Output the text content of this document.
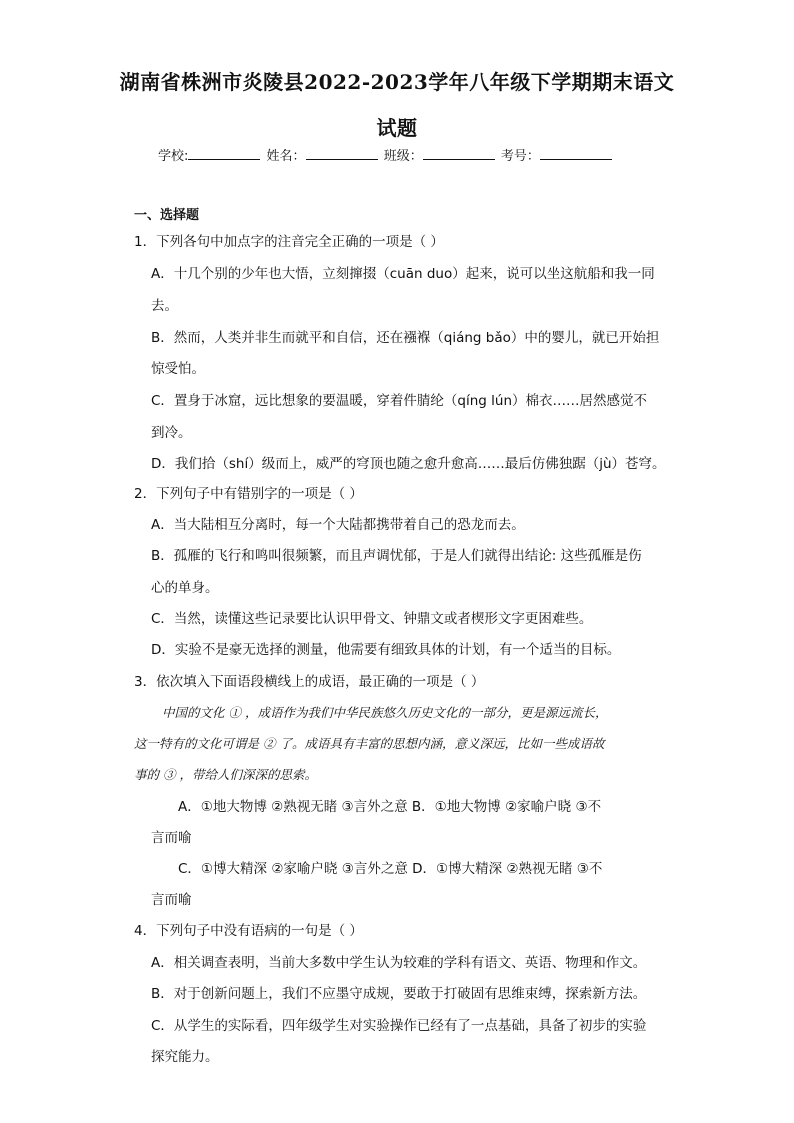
湖南省株洲市炎陵县2022-2023学年八年级下学期期末语文
试题
学校:	姓名：	班级：	考号：
一、选择题
1．下列各句中加点字的注音完全正确的一项是（ ）
A．十几个别的少年也大悟，立刻撺掇（cuān duo）起来，说可以坐这航船和我一同
去。
B．然而，人类并非生而就平和自信，还在襁褓（qiáng bǎo）中的婴儿，就已开始担
惊受怕。
C．置身于冰窟，远比想象的要温暖，穿着件腈纶（qíng lún）棉衣……居然感觉不
到冷。
D．我们拾（shí）级而上，威严的穹顶也随之愈升愈高……最后仿佛独踞（jù）苍穹。
2．下列句子中有错别字的一项是（ ）
A．当大陆相互分离时，每一个大陆都携带着自己的恐龙而去。
B．孤雁的飞行和鸣叫很频繁，而且声调忧郁，于是人们就得出结论: 这些孤雁是伤
心的单身。
C．当然，读懂这些记录要比认识甲骨文、钟鼎文或者楔形文字更困难些。
D．实验不是豪无选择的测量，他需要有细致具体的计划，有一个适当的目标。
3．依次填入下面语段横线上的成语，最正确的一项是（ ）
中国的文化 ① ，成语作为我们中华民族悠久历史文化的一部分，更是源远流长，
这一特有的文化可谓是 ② 了。成语具有丰富的思想内涵，意义深远，比如一些成语故
事的 ③ ，带给人们深深的思索。
A．①地大物博 ②熟视无睹 ③言外之意 B．①地大物博 ②家喻户晓 ③不
言而喻
C．①博大精深 ②家喻户晓 ③言外之意 D．①博大精深 ②熟视无睹 ③不
言而喻
4．下列句子中没有语病的一句是（ ）
A．相关调查表明，当前大多数中学生认为较难的学科有语文、英语、物理和作文。
B．对于创新问题上，我们不应墨守成规，要敢于打破固有思维束缚，探索新方法。
C．从学生的实际看，四年级学生对实验操作已经有了一点基础，具备了初步的实验
探究能力。
